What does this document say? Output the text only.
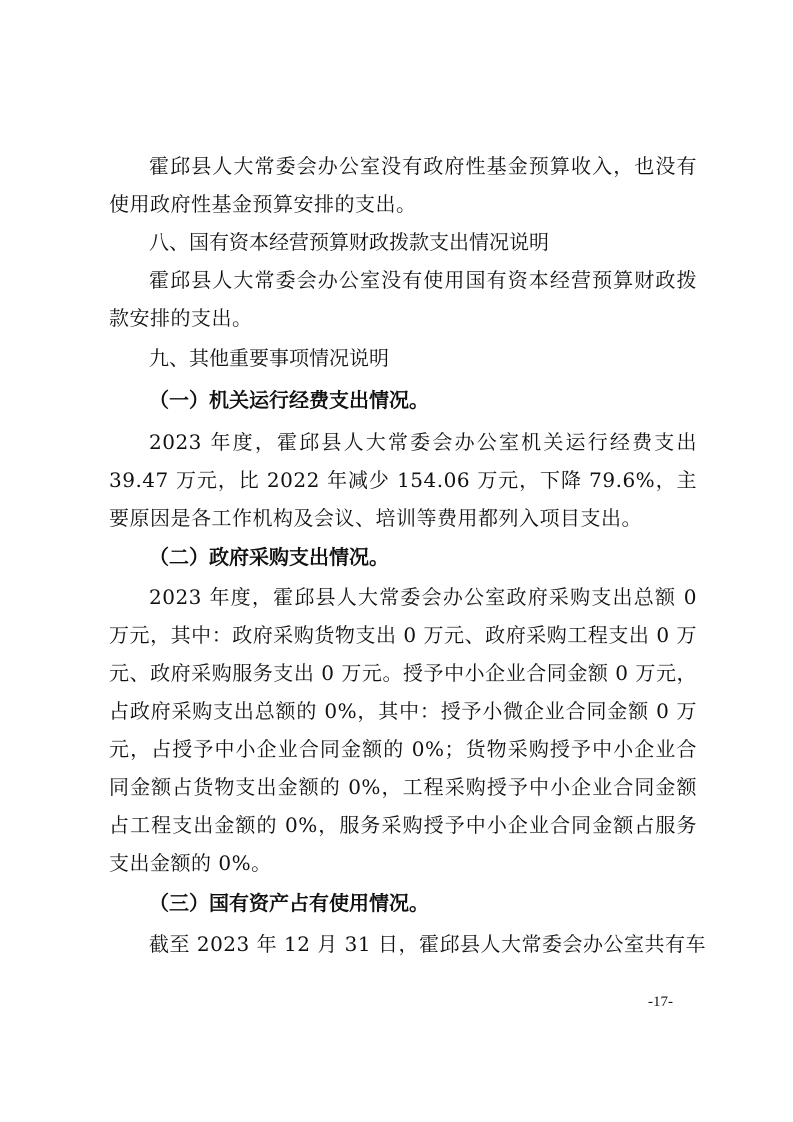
霍邱县人大常委会办公室没有政府性基金预算收入，也没有使用政府性基金预算安排的支出。

八、国有资本经营预算财政拨款支出情况说明

霍邱县人大常委会办公室没有使用国有资本经营预算财政拨款安排的支出。

九、其他重要事项情况说明

（一）机关运行经费支出情况。

2023 年度，霍邱县人大常委会办公室机关运行经费支出 39.47 万元，比 2022 年减少 154.06 万元，下降 79.6%，主要原因是各工作机构及会议、培训等费用都列入项目支出。

（二）政府采购支出情况。

2023 年度，霍邱县人大常委会办公室政府采购支出总额 0 万元，其中：政府采购货物支出 0 万元、政府采购工程支出 0 万元、政府采购服务支出 0 万元。授予中小企业合同金额 0 万元，占政府采购支出总额的 0%，其中：授予小微企业合同金额 0 万元，占授予中小企业合同金额的 0%；货物采购授予中小企业合同金额占货物支出金额的 0%，工程采购授予中小企业合同金额占工程支出金额的 0%，服务采购授予中小企业合同金额占服务支出金额的 0%。

（三）国有资产占有使用情况。

截至 2023 年 12 月 31 日，霍邱县人大常委会办公室共有车

-17-
